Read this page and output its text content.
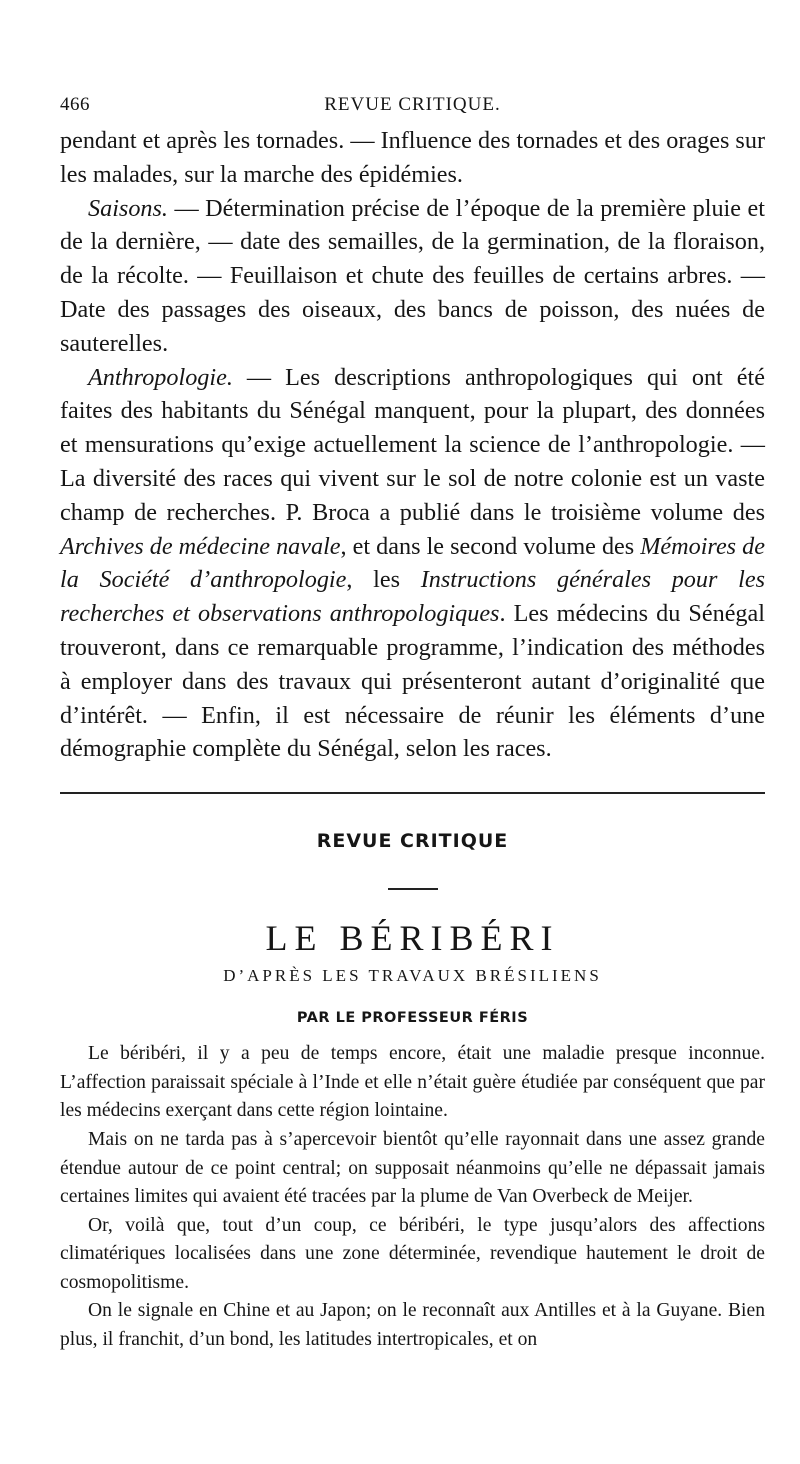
466	REVUE CRITIQUE.

pendant et après les tornades. — Influence des tornades et des orages sur les malades, sur la marche des épidémies.

Saisons. — Détermination précise de l’époque de la première pluie et de la dernière, — date des semailles, de la germination, de la floraison, de la récolte. — Feuillaison et chute des feuilles de certains arbres. — Date des passages des oiseaux, des bancs de poisson, des nuées de sauterelles.

Anthropologie. — Les descriptions anthropologiques qui ont été faites des habitants du Sénégal manquent, pour la plupart, des données et mensurations qu’exige actuellement la science de l’anthropologie. — La diversité des races qui vivent sur le sol de notre colonie est un vaste champ de recherches. P. Broca a publié dans le troisième volume des Archives de médecine navale, et dans le second volume des Mémoires de la Société d’anthropologie, les Instructions générales pour les recherches et observations anthropologiques. Les médecins du Sénégal trouveront, dans ce remarquable programme, l’indication des méthodes à employer dans des travaux qui présenteront autant d’originalité que d’intérêt. — Enfin, il est nécessaire de réunir les éléments d’une démographie complète du Sénégal, selon les races.

REVUE CRITIQUE
LE BÉRIBÉRI
D’APRÈS LES TRAVAUX BRÉSILIENS
PAR LE PROFESSEUR FÉRIS

Le béribéri, il y a peu de temps encore, était une maladie presque inconnue. L’affection paraissait spéciale à l’Inde et elle n’était guère étudiée par conséquent que par les médecins exerçant dans cette région lointaine.

Mais on ne tarda pas à s’apercevoir bientôt qu’elle rayonnait dans une assez grande étendue autour de ce point central; on supposait néanmoins qu’elle ne dépassait jamais certaines limites qui avaient été tracées par la plume de Van Overbeck de Meijer.

Or, voilà que, tout d’un coup, ce béribéri, le type jusqu’alors des affections climatériques localisées dans une zone déterminée, revendique hautement le droit de cosmopolitisme.

On le signale en Chine et au Japon; on le reconnaît aux Antilles et à la Guyane. Bien plus, il franchit, d’un bond, les latitudes intertropicales, et on
